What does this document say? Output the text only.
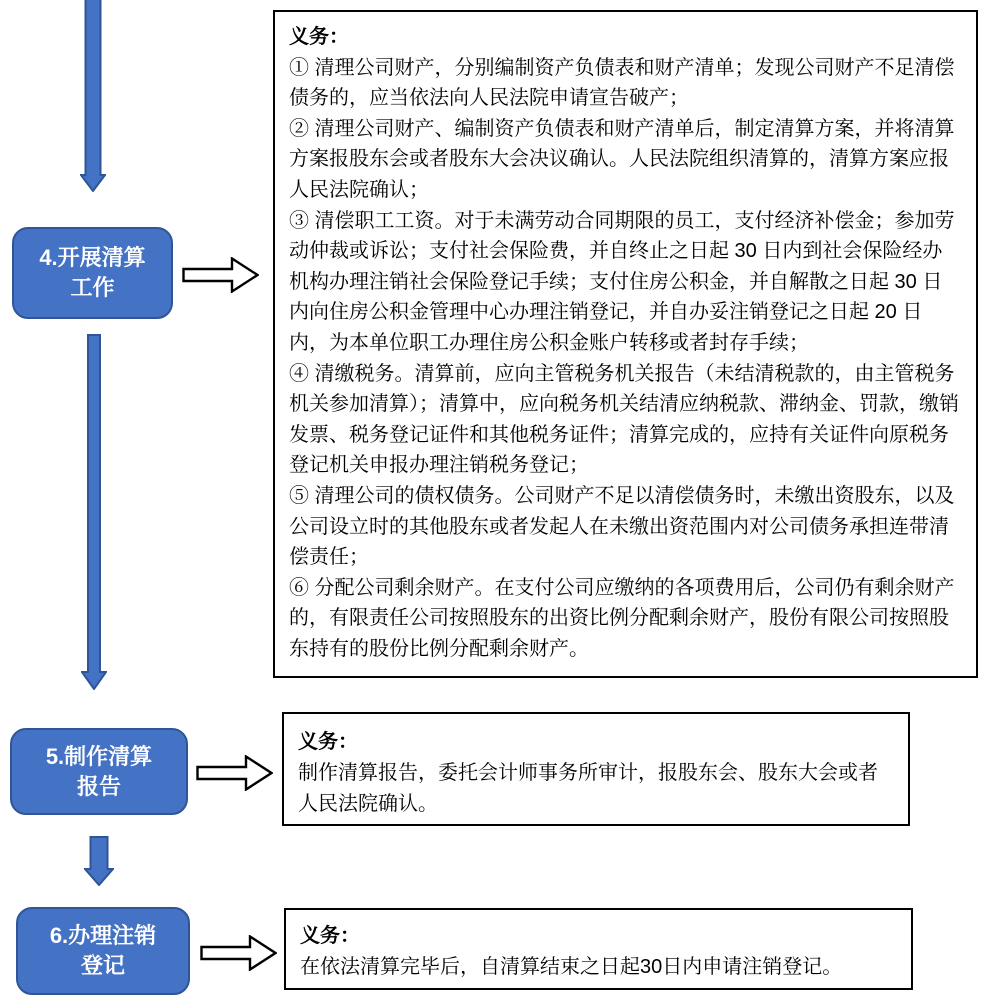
4.开展清算
工作

义务：

① 清理公司财产，分别编制资产负债表和财产清单；发现公司财产不足清偿债务的，应当依法向人民法院申请宣告破产；

② 清理公司财产、编制资产负债表和财产清单后，制定清算方案，并将清算方案报股东会或者股东大会决议确认。人民法院组织清算的，清算方案应报人民法院确认；

③ 清偿职工工资。对于未满劳动合同期限的员工，支付经济补偿金；参加劳动仲裁或诉讼；支付社会保险费，并自终止之日起 30 日内到社会保险经办机构办理注销社会保险登记手续；支付住房公积金，并自解散之日起 30 日内向住房公积金管理中心办理注销登记，并自办妥注销登记之日起 20 日内，为本单位职工办理住房公积金账户转移或者封存手续；

④ 清缴税务。清算前，应向主管税务机关报告（未结清税款的，由主管税务机关参加清算）；清算中，应向税务机关结清应纳税款、滞纳金、罚款，缴销发票、税务登记证件和其他税务证件；清算完成的，应持有关证件向原税务登记机关申报办理注销税务登记；

⑤ 清理公司的债权债务。公司财产不足以清偿债务时，未缴出资股东，以及公司设立时的其他股东或者发起人在未缴出资范围内对公司债务承担连带清偿责任；

⑥ 分配公司剩余财产。在支付公司应缴纳的各项费用后，公司仍有剩余财产的，有限责任公司按照股东的出资比例分配剩余财产，股份有限公司按照股东持有的股份比例分配剩余财产。

5.制作清算
报告

义务：

制作清算报告，委托会计师事务所审计，报股东会、股东大会或者人民法院确认。

6.办理注销
登记

义务：

在依法清算完毕后，自清算结束之日起30日内申请注销登记。
